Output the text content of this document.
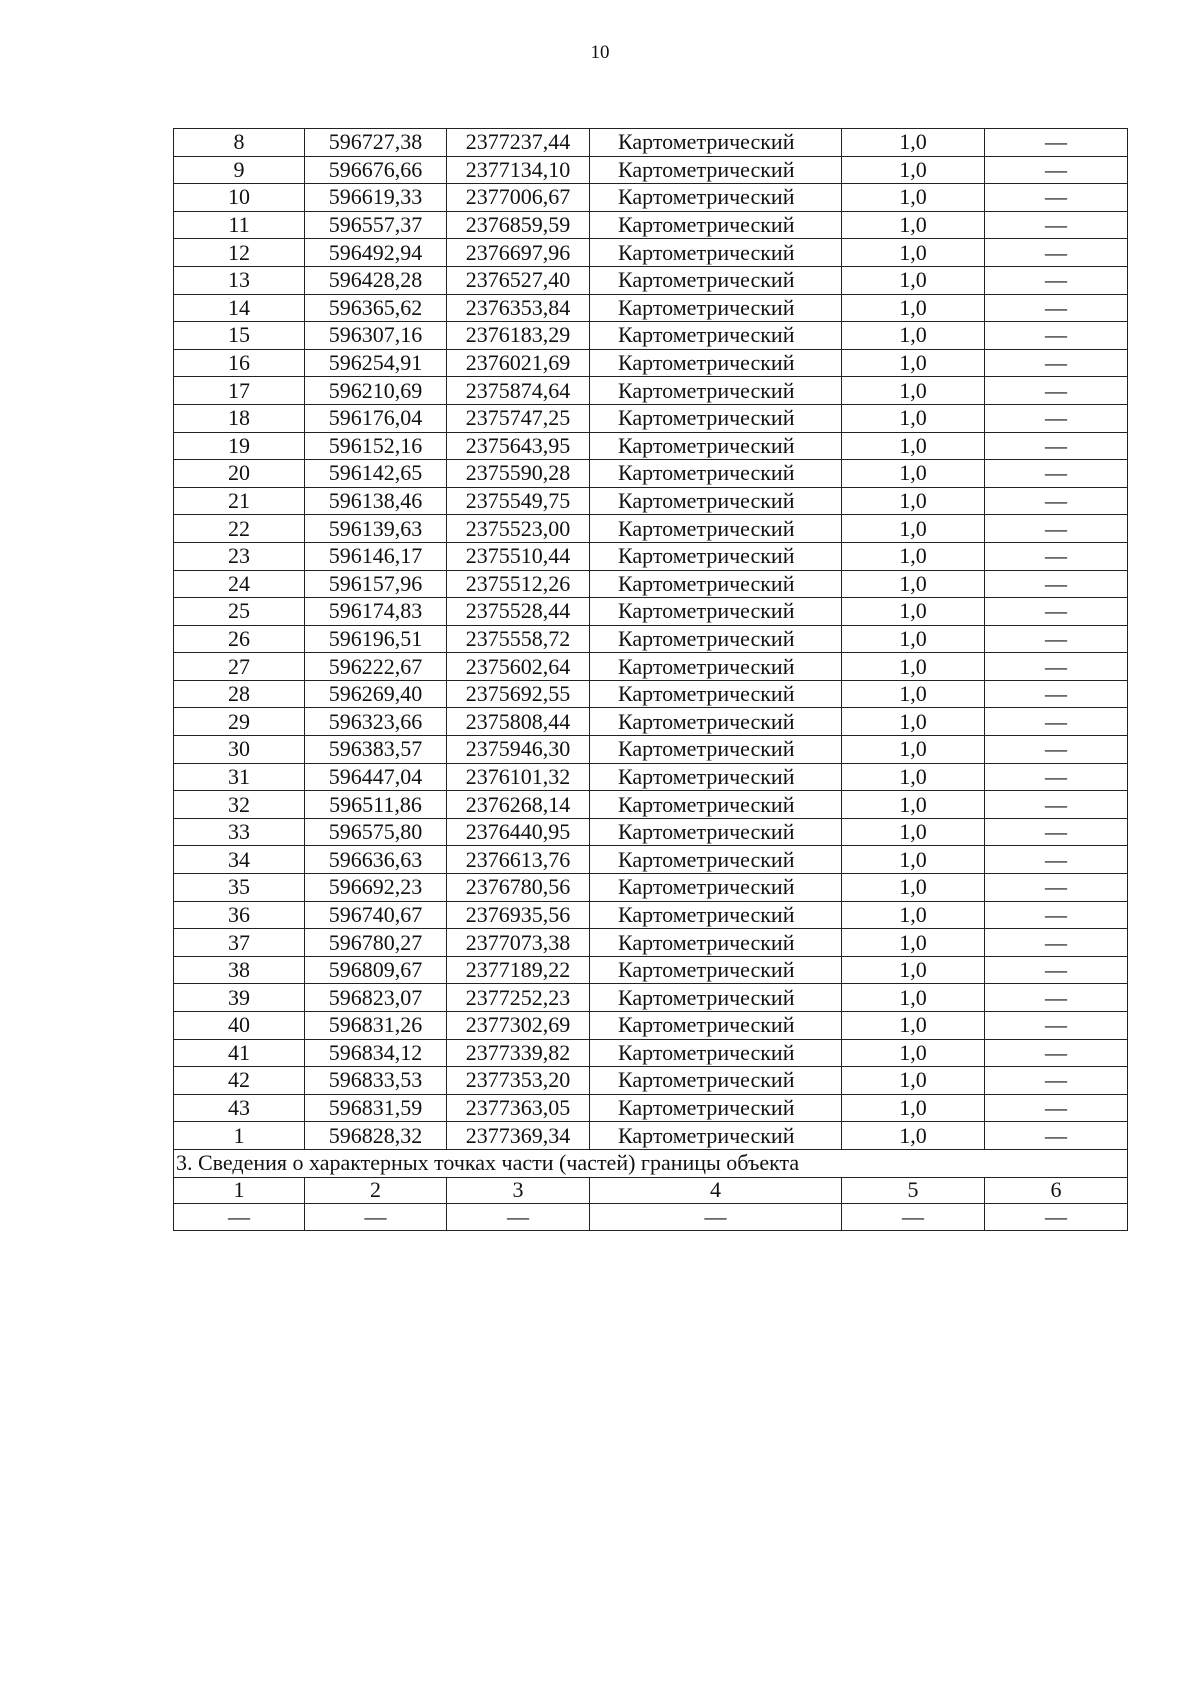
10
8	596727,38	2377237,44	Картометрический	1,0	—
9	596676,66	2377134,10	Картометрический	1,0	—
10	596619,33	2377006,67	Картометрический	1,0	—
11	596557,37	2376859,59	Картометрический	1,0	—
12	596492,94	2376697,96	Картометрический	1,0	—
13	596428,28	2376527,40	Картометрический	1,0	—
14	596365,62	2376353,84	Картометрический	1,0	—
15	596307,16	2376183,29	Картометрический	1,0	—
16	596254,91	2376021,69	Картометрический	1,0	—
17	596210,69	2375874,64	Картометрический	1,0	—
18	596176,04	2375747,25	Картометрический	1,0	—
19	596152,16	2375643,95	Картометрический	1,0	—
20	596142,65	2375590,28	Картометрический	1,0	—
21	596138,46	2375549,75	Картометрический	1,0	—
22	596139,63	2375523,00	Картометрический	1,0	—
23	596146,17	2375510,44	Картометрический	1,0	—
24	596157,96	2375512,26	Картометрический	1,0	—
25	596174,83	2375528,44	Картометрический	1,0	—
26	596196,51	2375558,72	Картометрический	1,0	—
27	596222,67	2375602,64	Картометрический	1,0	—
28	596269,40	2375692,55	Картометрический	1,0	—
29	596323,66	2375808,44	Картометрический	1,0	—
30	596383,57	2375946,30	Картометрический	1,0	—
31	596447,04	2376101,32	Картометрический	1,0	—
32	596511,86	2376268,14	Картометрический	1,0	—
33	596575,80	2376440,95	Картометрический	1,0	—
34	596636,63	2376613,76	Картометрический	1,0	—
35	596692,23	2376780,56	Картометрический	1,0	—
36	596740,67	2376935,56	Картометрический	1,0	—
37	596780,27	2377073,38	Картометрический	1,0	—
38	596809,67	2377189,22	Картометрический	1,0	—
39	596823,07	2377252,23	Картометрический	1,0	—
40	596831,26	2377302,69	Картометрический	1,0	—
41	596834,12	2377339,82	Картометрический	1,0	—
42	596833,53	2377353,20	Картометрический	1,0	—
43	596831,59	2377363,05	Картометрический	1,0	—
1	596828,32	2377369,34	Картометрический	1,0	—
3. Сведения о характерных точках части (частей) границы объекта					
1	2	3	4	5	6
—	—	—	—	—	—
